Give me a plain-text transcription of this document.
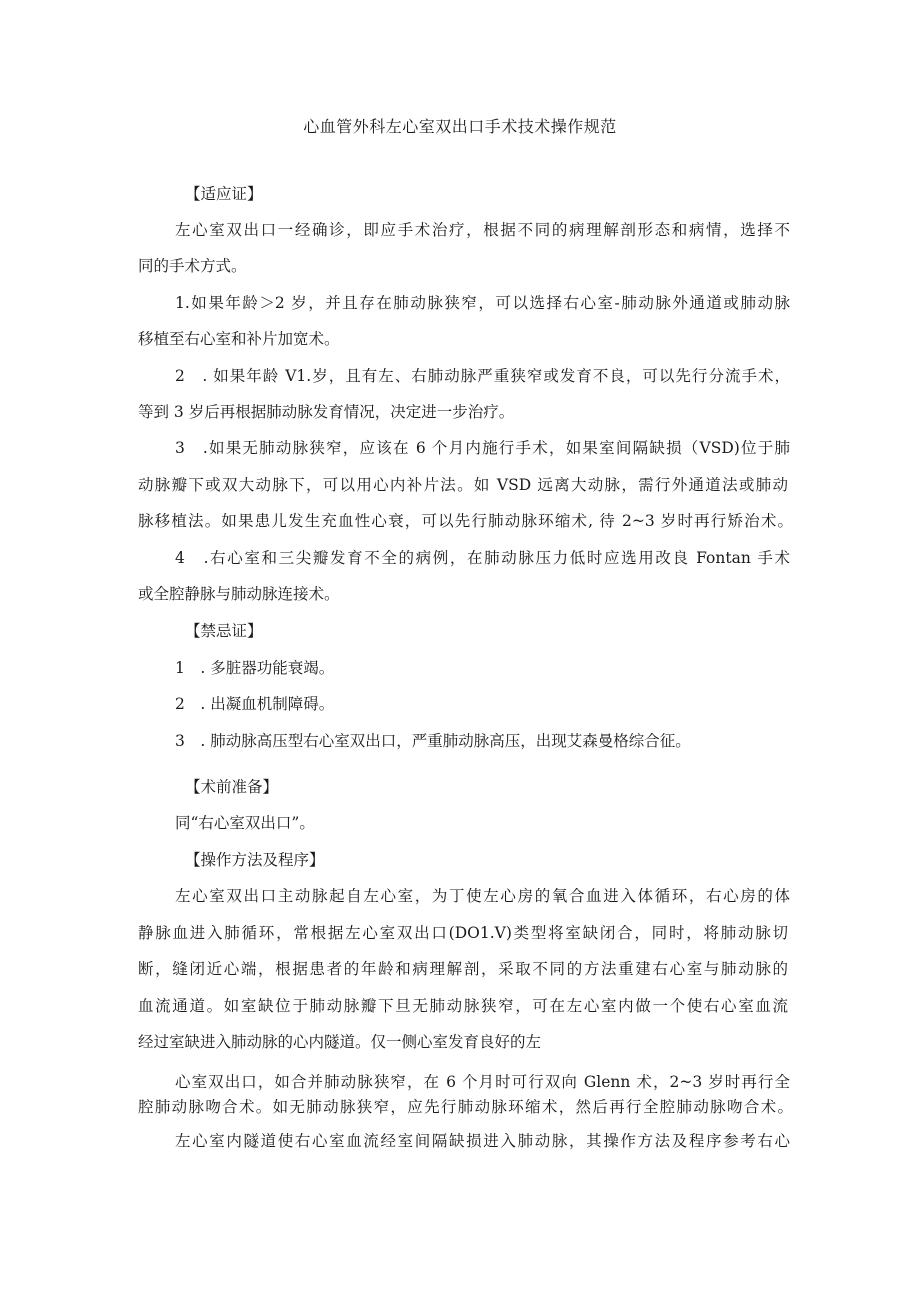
心血管外科左心室双出口手术技术操作规范
【适应证】
左心室双出口一经确诊，即应手术治疗，根据不同的病理解剖形态和病情，选择不
同的手术方式。
1.如果年龄＞2 岁，并且存在肺动脉狭窄，可以选择右心室-肺动脉外通道或肺动脉
移植至右心室和补片加宽术。
2　. 如果年龄 V1.岁，且有左、右肺动脉严重狭窄或发育不良，可以先行分流手术，
等到 3 岁后再根据肺动脉发育情况，决定进一步治疗。
3　.如果无肺动脉狭窄，应该在 6 个月内施行手术，如果室间隔缺损（VSD)位于肺
动脉瓣下或双大动脉下，可以用心内补片法。如 VSD 远离大动脉，需行外通道法或肺动
脉移植法。如果患儿发生充血性心衰，可以先行肺动脉环缩术, 待 2~3 岁时再行矫治术。
4　.右心室和三尖瓣发育不全的病例，在肺动脉压力低时应选用改良 Fontan 手术
或全腔静脉与肺动脉连接术。
【禁忌证】
1　. 多脏器功能衰竭。
2　. 出凝血机制障碍。
3　. 肺动脉高压型右心室双出口，严重肺动脉高压，出现艾森曼格综合征。
【术前准备】
同“右心室双出口”。
【操作方法及程序】
左心室双出口主动脉起自左心室，为丁使左心房的氧合血进入体循环，右心房的体
静脉血进入肺循环，常根据左心室双出口(DO1.V)类型将室缺闭合，同时，将肺动脉切
断，缝闭近心端，根据患者的年龄和病理解剖，采取不同的方法重建右心室与肺动脉的
血流通道。如室缺位于肺动脉瓣下旦无肺动脉狭窄，可在左心室内做一个使右心室血流
经过室缺进入肺动脉的心内隧道。仅一侧心室发育良好的左
心室双出口，如合并肺动脉狭窄，在 6 个月时可行双向 Glenn 术，2~3 岁时再行全
腔肺动脉吻合术。如无肺动脉狭窄，应先行肺动脉环缩术，然后再行全腔肺动脉吻合术。
左心室内隧道使右心室血流经室间隔缺损进入肺动脉，其操作方法及程序参考右心
